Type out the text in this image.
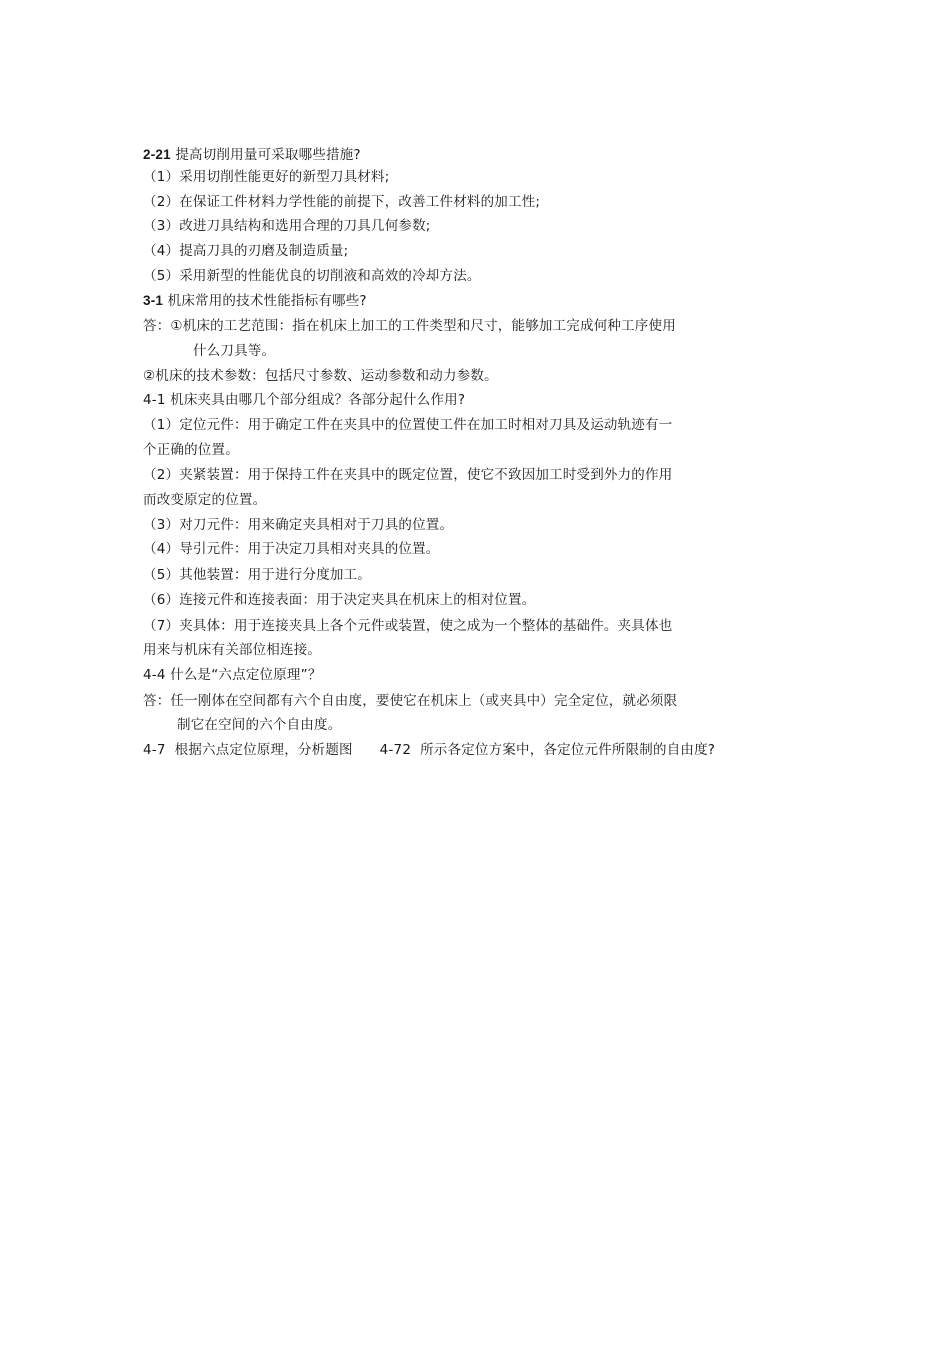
2-21 提高切削用量可采取哪些措施?
（1）采用切削性能更好的新型刀具材料;
（2）在保证工件材料力学性能的前提下，改善工件材料的加工性;
（3）改进刀具结构和选用合理的刀具几何参数;
（4）提高刀具的刃磨及制造质量;
（5）采用新型的性能优良的切削液和高效的冷却方法。
3-1 机床常用的技术性能指标有哪些?
答：①机床的工艺范围：指在机床上加工的工件类型和尺寸，能够加工完成何种工序使用
什么刀具等。
②机床的技术参数：包括尺寸参数、运动参数和动力参数。
4-1 机床夹具由哪几个部分组成？各部分起什么作用?
（1）定位元件：用于确定工件在夹具中的位置使工件在加工时相对刀具及运动轨迹有一
个正确的位置。
（2）夹紧装置：用于保持工件在夹具中的既定位置，使它不致因加工时受到外力的作用
而改变原定的位置。
（3）对刀元件：用来确定夹具相对于刀具的位置。
（4）导引元件：用于决定刀具相对夹具的位置。
（5）其他装置：用于进行分度加工。
（6）连接元件和连接表面：用于决定夹具在机床上的相对位置。
（7）夹具体：用于连接夹具上各个元件或装置，使之成为一个整体的基础件。夹具体也
用来与机床有关部位相连接。
4-4 什么是“六点定位原理”？
答：任一刚体在空间都有六个自由度，要使它在机床上（或夹具中）完全定位，就必须限
制它在空间的六个自由度。
4-7  根据六点定位原理，分析题图      4-72  所示各定位方案中，各定位元件所限制的自由度?
